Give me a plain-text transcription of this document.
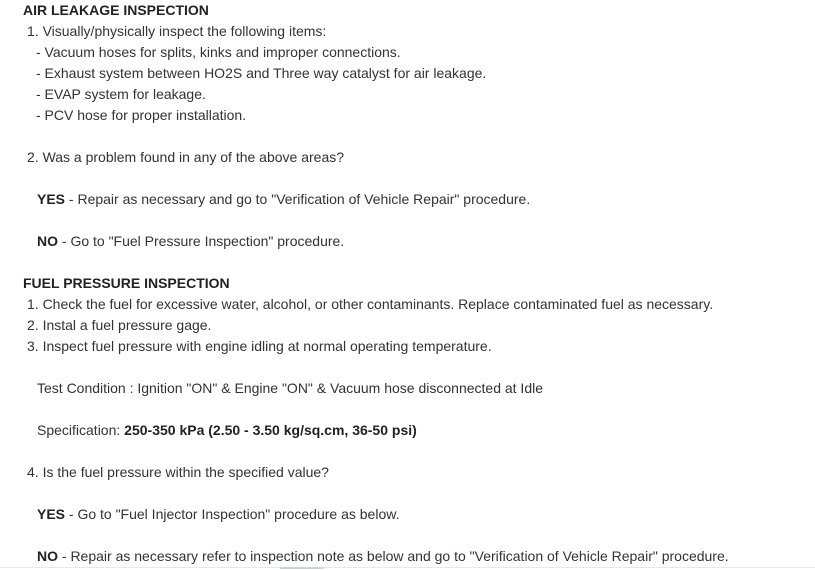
AIR LEAKAGE INSPECTION
1. Visually/physically inspect the following items:
- Vacuum hoses for splits, kinks and improper connections.
- Exhaust system between HO2S and Three way catalyst for air leakage.
- EVAP system for leakage.
- PCV hose for proper installation.
2. Was a problem found in any of the above areas?
YES - Repair as necessary and go to "Verification of Vehicle Repair" procedure.
NO - Go to "Fuel Pressure Inspection" procedure.
FUEL PRESSURE INSPECTION
1. Check the fuel for excessive water, alcohol, or other contaminants. Replace contaminated fuel as necessary.
2. Instal a fuel pressure gage.
3. Inspect fuel pressure with engine idling at normal operating temperature.
Test Condition : Ignition "ON" & Engine "ON" & Vacuum hose disconnected at Idle
Specification: 250-350 kPa (2.50 - 3.50 kg/sq.cm, 36-50 psi)
4. Is the fuel pressure within the specified value?
YES - Go to "Fuel Injector Inspection" procedure as below.
NO - Repair as necessary refer to inspection note as below and go to "Verification of Vehicle Repair" procedure.
